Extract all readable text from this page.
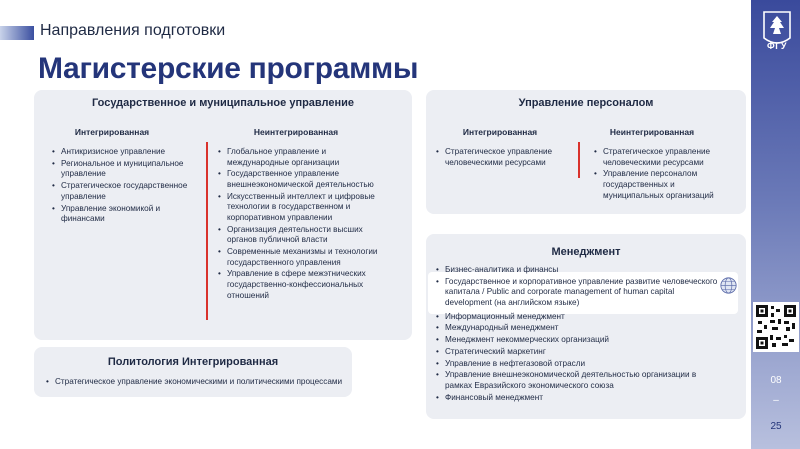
Направления подготовки
Магистерские программы
ФГУ
08
–
25
Государственное и муниципальное управление
Интегрированная	Неинтегрированная
• Антикризисное управление
• Региональное и муниципальное управление
• Стратегическое государственное управление
• Управление экономикой и финансами
• Глобальное управление и международные организации
• Государственное управление внешнеэкономической деятельностью
• Искусственный интеллект и цифровые технологии в государственном и корпоративном управлении
• Организация деятельности высших органов публичной власти
• Современные механизмы и технологии государственного управления
• Управление в сфере межэтнических государственно-конфессиональных отношений
Управление персоналом
Интегрированная	Неинтегрированная
• Стратегическое управление человеческими ресурсами
• Стратегическое управление человеческими ресурсами
• Управление персоналом государственных и муниципальных организаций
Политология Интегрированная
• Стратегическое управление экономическими и политическими процессами
Менеджмент
• Бизнес-аналитика и финансы
• Государственное и корпоративное управление развитие человеческого капитала / Public and corporate management of human capital development (на английском языке)
• Информационный менеджмент
• Международный менеджмент
• Менеджмент некоммерческих организаций
• Стратегический маркетинг
• Управление в нефтегазовой отрасли
• Управление внешнеэкономической деятельностью организации в рамках Евразийского экономического союза
• Финансовый менеджмент
